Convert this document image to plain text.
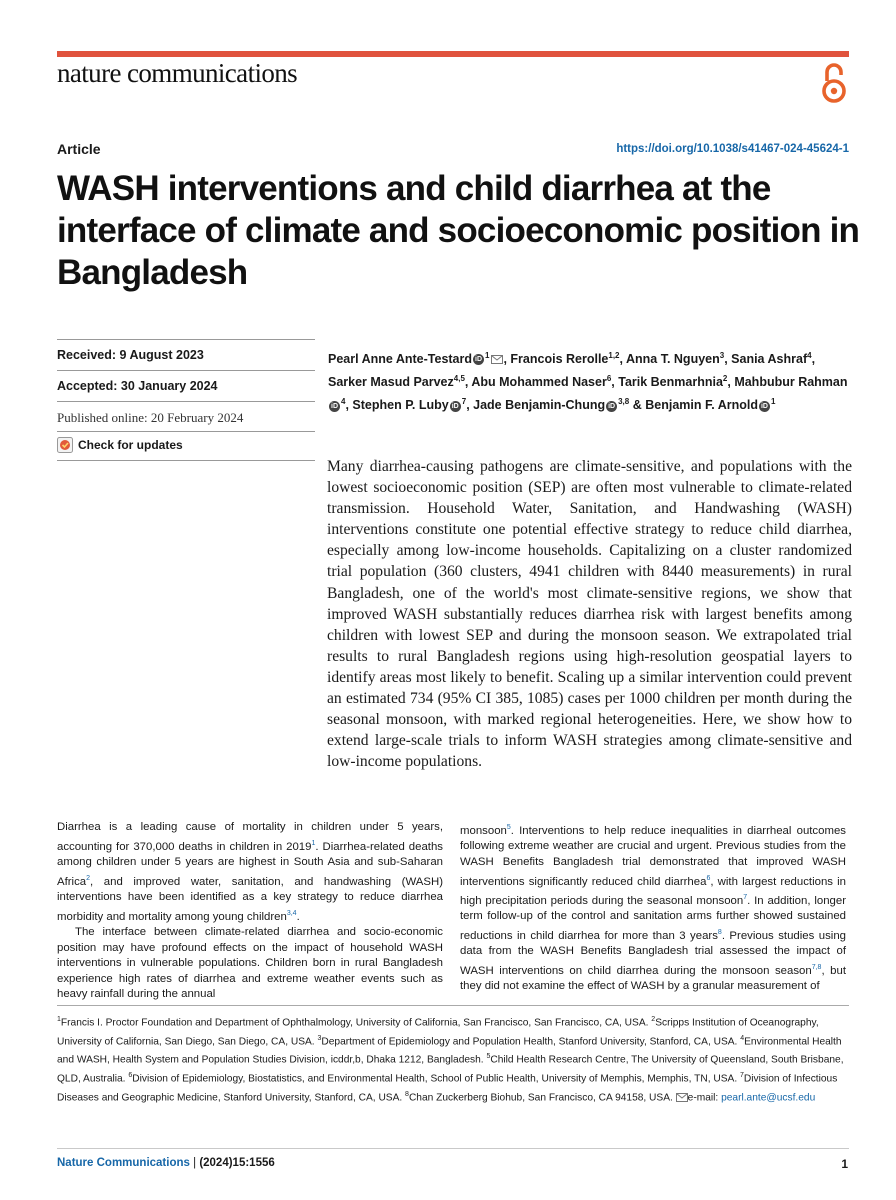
nature communications
Article	https://doi.org/10.1038/s41467-024-45624-1
WASH interventions and child diarrhea at the interface of climate and socioeconomic position in Bangladesh
Received: 9 August 2023
Accepted: 30 January 2024
Published online: 20 February 2024
Check for updates
Pearl Anne Ante-Testard iD $^1$ , Francois Rerolle$^{1,2}$, Anna T. Nguyen$^3$, Sania Ashraf$^4$, Sarker Masud Parvez$^{4,5}$, Abu Mohammed Naser$^6$, Tarik Benmarhnia$^2$, Mahbubur RahmaniD $^4$, Stephen P. Luby iD $^7$, Jade Benjamin-Chung iD $^{3,8}$ & Benjamin F. Arnold iD $^1$

Many diarrhea-causing pathogens are climate-sensitive, and populations with the lowest socioeconomic position (SEP) are often most vulnerable to climate-related transmission. Household Water, Sanitation, and Handwashing (WASH) interventions constitute one potential effective strategy to reduce child diarrhea, especially among low-income households. Capitalizing on a cluster randomized trial population (360 clusters, 4941 children with 8440 measurements) in rural Bangladesh, one of the world's most climate-sensitive regions, we show that improved WASH substantially reduces diarrhea risk with largest benefits among children with lowest SEP and during the monsoon season. We extrapolated trial results to rural Bangladesh regions using high-resolution geospatial layers to identify areas most likely to benefit. Scaling up a similar intervention could prevent an estimated 734 (95% CI 385, 1085) cases per 1000 children per month during the seasonal monsoon, with marked regional heterogeneities. Here, we show how to extend large-scale trials to inform WASH strategies among climate-sensitive and low-income populations.

Diarrhea is a leading cause of mortality in children under 5 years, accounting for 370,000 deaths in children in 2019$^1$. Diarrhea-related deaths among children under 5 years are highest in South Asia and sub-Saharan Africa$^2$, and improved water, sanitation, and handwashing (WASH) interventions have been identified as a key strategy to reduce diarrhea morbidity and mortality among young children$^{3,4}$.

The interface between climate-related diarrhea and socio-economic position may have profound effects on the impact of household WASH interventions in vulnerable populations. Children born in rural Bangladesh experience high rates of diarrhea and extreme weather events such as heavy rainfall during the annual

monsoon$^5$. Interventions to help reduce inequalities in diarrheal outcomes following extreme weather are crucial and urgent. Previous studies from the WASH Benefits Bangladesh trial demonstrated that improved WASH interventions significantly reduced child diarrhea$^6$, with largest reductions in high precipitation periods during the seasonal monsoon$^7$. In addition, longer term follow-up of the control and sanitation arms further showed sustained reductions in child diarrhea for more than 3 years$^8$. Previous studies using data from the WASH Benefits Bangladesh trial assessed the impact of WASH interventions on child diarrhea during the monsoon season$^{7,8}$, but they did not examine the effect of WASH by a granular measurement of

$^1$Francis I. Proctor Foundation and Department of Ophthalmology, University of California, San Francisco, San Francisco, CA, USA. $^2$Scripps Institution of Oceanography, University of California, San Diego, San Diego, CA, USA. $^3$Department of Epidemiology and Population Health, Stanford University, Stanford, CA, USA. $^4$Environmental Health and WASH, Health System and Population Studies Division, icddr,b, Dhaka 1212, Bangladesh. $^5$Child Health Research Centre, The University of Queensland, South Brisbane, QLD, Australia. $^6$Division of Epidemiology, Biostatistics, and Environmental Health, School of Public Health, University of Memphis, Memphis, TN, USA. $^7$Division of Infectious Diseases and Geographic Medicine, Stanford University, Stanford, CA, USA. $^8$Chan Zuckerberg Biohub, San Francisco, CA 94158, USA. e-mail: pearl.ante@ucsf.edu

Nature Communications | (2024)15:1556	1
